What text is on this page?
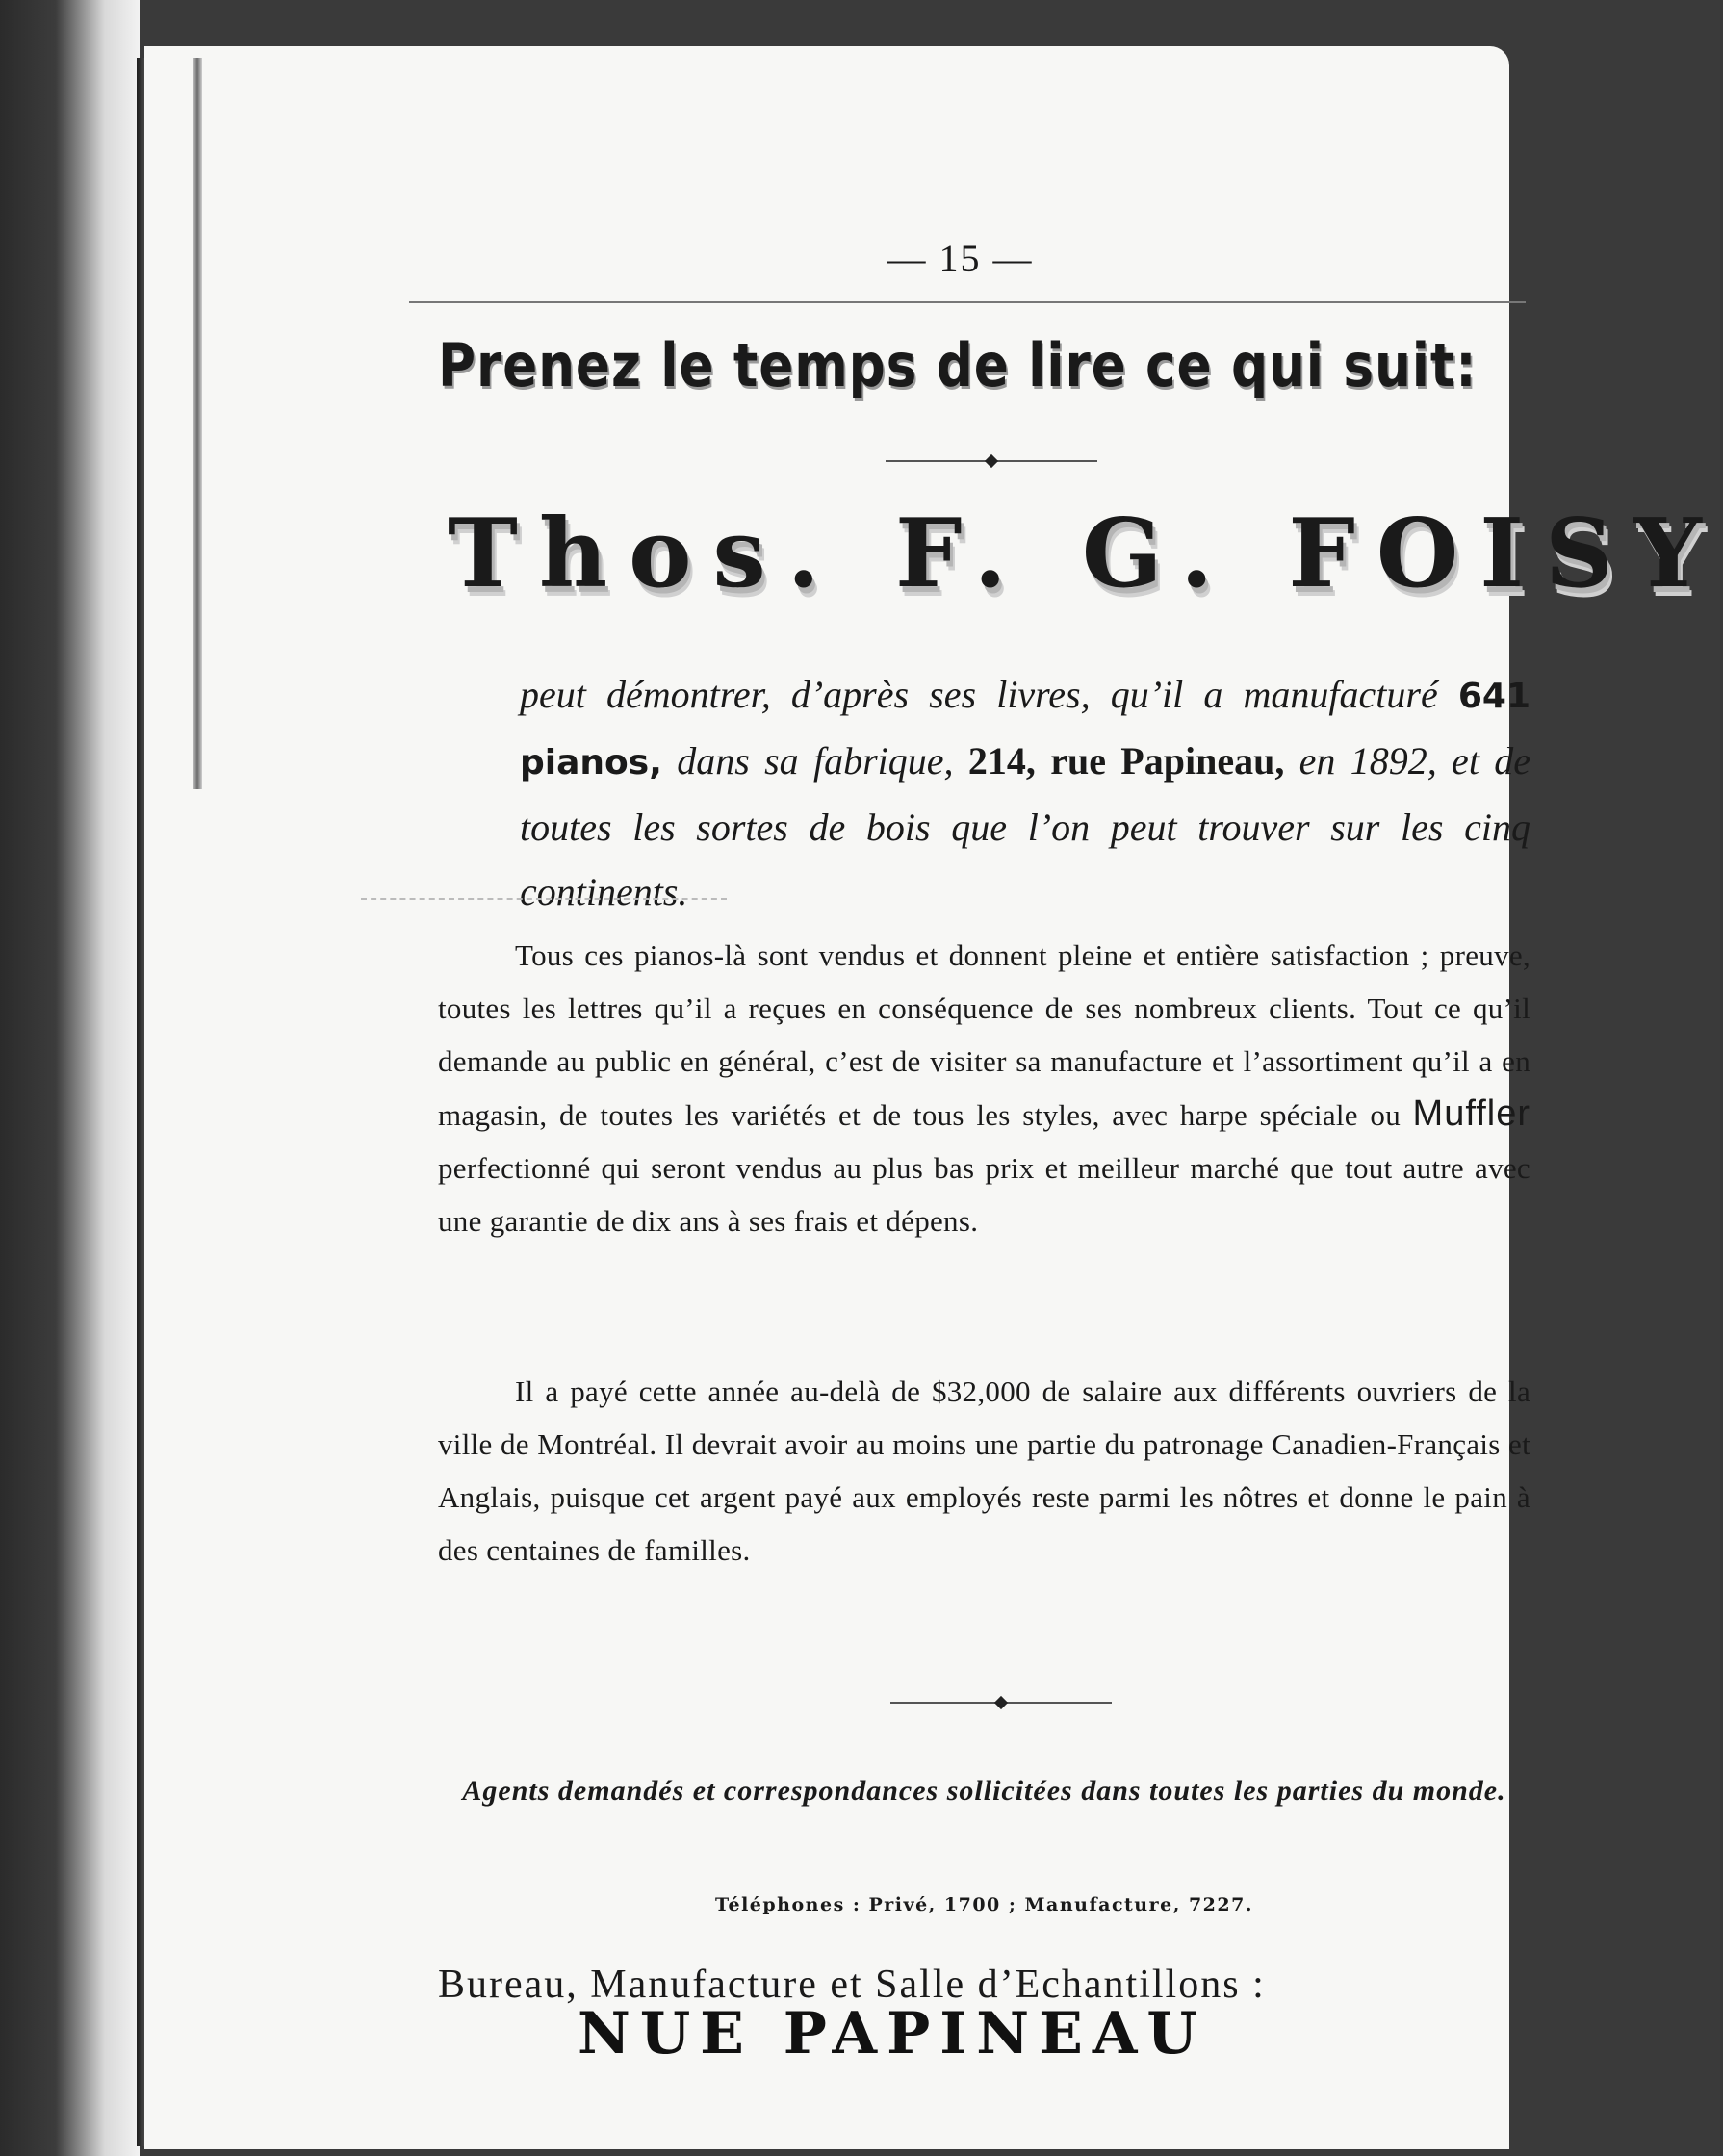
— 15 —
Prenez le temps de lire ce qui suit:
Thos. F. G. FOISY
peut démontrer, d’après ses livres, qu’il a manufacturé 641 pianos, dans sa fabrique, 214, rue Papineau, en 1892, et de toutes les sortes de bois que l’on peut trouver sur les cinq continents.
Tous ces pianos-là sont vendus et donnent pleine et entière satisfaction ; preuve, toutes les lettres qu’il a reçues en conséquence de ses nombreux clients. Tout ce qu’il demande au public en général, c’est de visiter sa manufacture et l’assortiment qu’il a en magasin, de toutes les variétés et de tous les styles, avec harpe spéciale ou Muffler perfectionné qui seront vendus au plus bas prix et meilleur marché que tout autre avec une garantie de dix ans à ses frais et dépens.
Il a payé cette année au-delà de $32,000 de salaire aux différents ouvriers de la ville de Montréal. Il devrait avoir au moins une partie du patronage Canadien-Français et Anglais, puisque cet argent payé aux employés reste parmi les nôtres et donne le pain à des centaines de familles.
Agents demandés et correspondances sollicitées dans toutes les parties du monde.
Téléphones : Privé, 1700 ; Manufacture, 7227.
Bureau, Manufacture et Salle d’Echantillons :
NUE PAPINEAU
